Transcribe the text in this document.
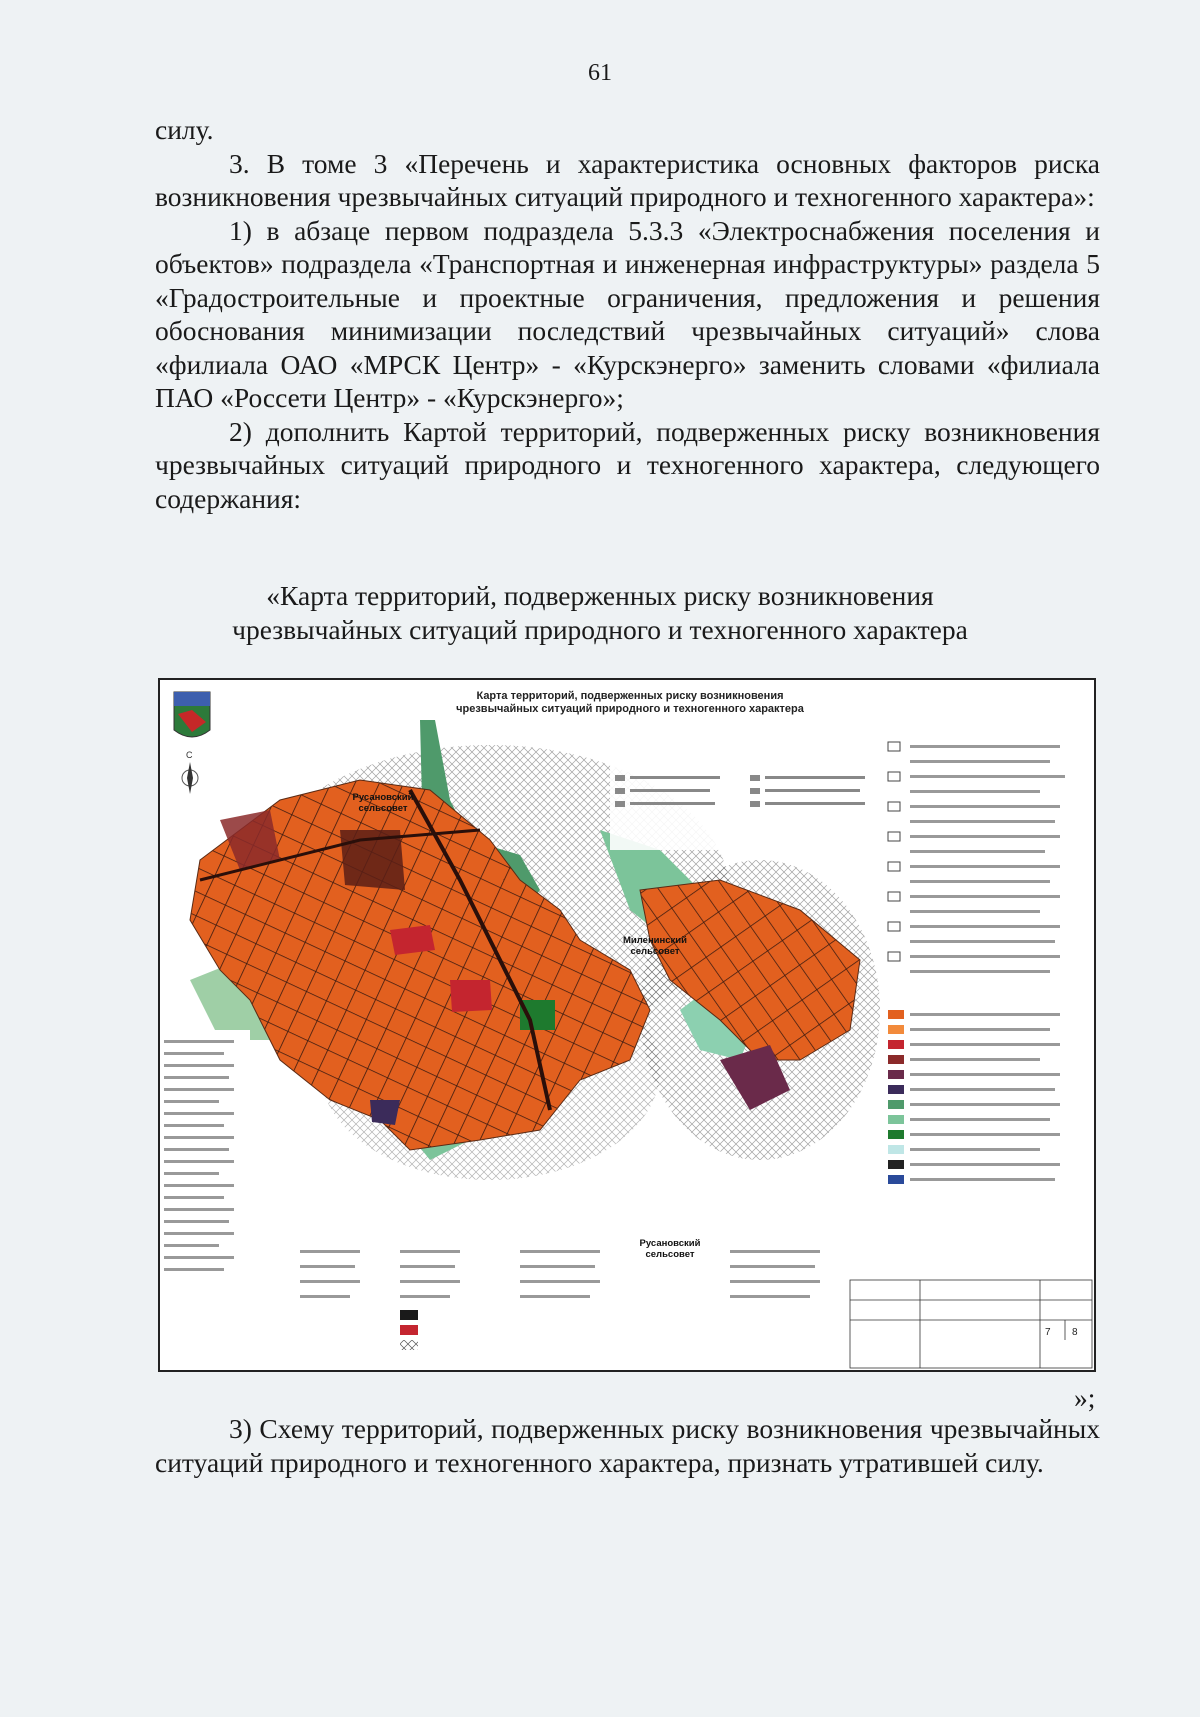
61

силу.

3. В томе 3 «Перечень и характеристика основных факторов риска возникновения чрезвычайных ситуаций природного и техногенного характера»:

1) в абзаце первом подраздела 5.3.3 «Электроснабжения поселения и объектов» подраздела «Транспортная и инженерная инфраструктуры» раздела 5 «Градостроительные и проектные ограничения, предложения и решения обоснования минимизации последствий чрезвычайных ситуаций» слова «филиала ОАО «МРСК Центр» - «Курскэнерго» заменить словами «филиала ПАО «Россети Центр» - «Курскэнерго»;

2) дополнить Картой территорий, подверженных риску возникновения чрезвычайных ситуаций природного и техногенного характера, следующего содержания:

«Карта территорий, подверженных риску возникновения

чрезвычайных ситуаций природного и техногенного характера

С
7 8
Карта территорий, подверженных риску возникновения
чрезвычайных ситуаций природного и техногенного характера
Русановский сельсовет
Миленинский сельсовет
Русановский сельсовет
»;

3) Схему территорий, подверженных риску возникновения чрезвычайных ситуаций природного и техногенного характера, признать утратившей силу.
